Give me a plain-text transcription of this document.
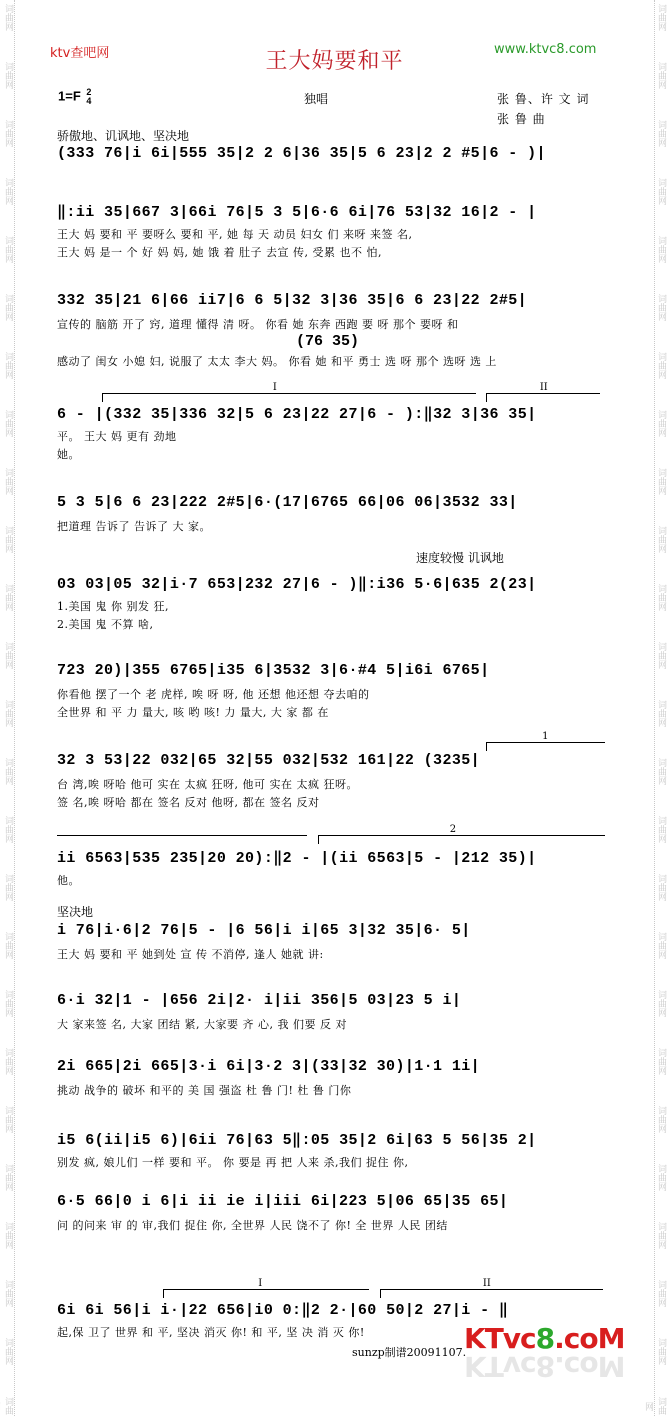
ktv查吧网	王大妈要和平	www.ktvc8.com
1=F 2
4	独唱	张 鲁、许 文 词
张 鲁 曲
骄傲地、讥讽地、坚决地
速度较慢 讥讽地
坚决地
(333 76|i 6i|555 35|2 2 6|36 35|5 6 23|2 2 #5|6 - )|
‖:ii 35|667 3|66i 76|5 3 5|6·6 6i|76 53|32 16|2 - |
王大 妈 要和 平 要呀么 要和 平, 她 每 天 动员 妇女 们 来呀 来签 名,
王大 妈 是一 个 好 妈 妈, 她 饿 着 肚子 去宣 传, 受累 也不 怕,
332 35|21 6|66 ii7|6 6 5|32 3|36 35|6 6 23|22 2#5|
宣传的 脑筋 开了 窍, 道理 懂得 清 呀。 你看 她 东奔 西跑 要 呀 那个 要呀 和
(76 35)
感动了 闺女 小媳 妇, 说服了 太太 李大 妈。 你看 她 和平 勇士 选 呀 那个 选呀 选 上
I	II
6 - |(332 35|336 32|5 6 23|22 27|6 - ):‖32 3|36 35|
平。 王大 妈 更有 劲地
她。
5 3 5|6 6 23|222 2#5|6·(17|6765 66|06 06|3532 33|
把道理 告诉了 告诉了 大 家。
03 03|05 32|i·7 653|232 27|6 - )‖:i36 5·6|635 2(23|
1.美国 鬼 你 别发 狂,
2.美国 鬼 不算 啥,
723 20)|355 6765|i35 6|3532 3|6·#4 5|i6i 6765|
你看他 摆了一个 老 虎样, 唉 呀 呀, 他 还想 他还想 夺去咱的
全世界 和 平 力 量大, 咳 哟 咳! 力 量大, 大 家 都 在
1
32 3 53|22 032|65 32|55 032|532 161|22 (3235|
台 湾,唉 呀哈 他可 实在 太疯 狂呀, 他可 实在 太疯 狂呀。
签 名,唉 呀哈 都在 签名 反对 他呀, 都在 签名 反对
2
ii 6563|535 235|20 20):‖2 - |(ii 6563|5 - |212 35)|
他。
i 76|i·6|2 76|5 - |6 56|i i|65 3|32 35|6· 5|
王大 妈 要和 平 她到处 宣 传 不消停, 逢人 她就 讲:
6·i 32|1 - |656 2i|2· i|ii 356|5 03|23 5 i|
大 家来签 名, 大家 团结 紧, 大家要 齐 心, 我 们要 反 对
2i 665|2i 665|3·i 6i|3·2 3|(33|32 30)|1·1 1i|
挑动 战争的 破坏 和平的 美 国 强盗 杜 鲁 门! 杜 鲁 门你
i5 6(ii|i5 6)|6ii 76|63 5‖:05 35|2 6i|63 5 56|35 2|
别发 疯, 娘儿们 一样 要和 平。 你 要是 再 把 人来 杀,我们 捉住 你,
6·5 66|0 i 6|i ii ie i|iii 6i|223 5|06 65|35 65|
问 的问来 审 的 审,我们 捉住 你, 全世界 人民 饶不了 你! 全 世界 人民 团结
I	II
6i 6i 56|i i·|22 656|i0 0:‖2 2·|60 50|2 27|i - ‖
起,保 卫了 世界 和 平, 坚决 消灭 你! 和 平, 坚 决 消 灭 你!
sunzp制谱20091107.
KTvc8.coM
KTvc8.coM
词曲网
词曲网
词曲网
词曲网
词曲网
词曲网
词曲网
词曲网
词曲网
词曲网
词曲网
词曲网
词曲网
词曲网
词曲网
词曲网
词曲网
词曲网
词曲网
词曲网
词曲网
词曲网
词曲网
词曲网
词曲
词曲网
词曲网
词曲网
词曲网
词曲网
词曲网
词曲网
词曲网
词曲网
词曲网
词曲网
词曲网
词曲网
词曲网
词曲网
词曲网
词曲网
词曲网
词曲网
词曲网
词曲网
词曲网
词曲网
词曲网
词曲网
